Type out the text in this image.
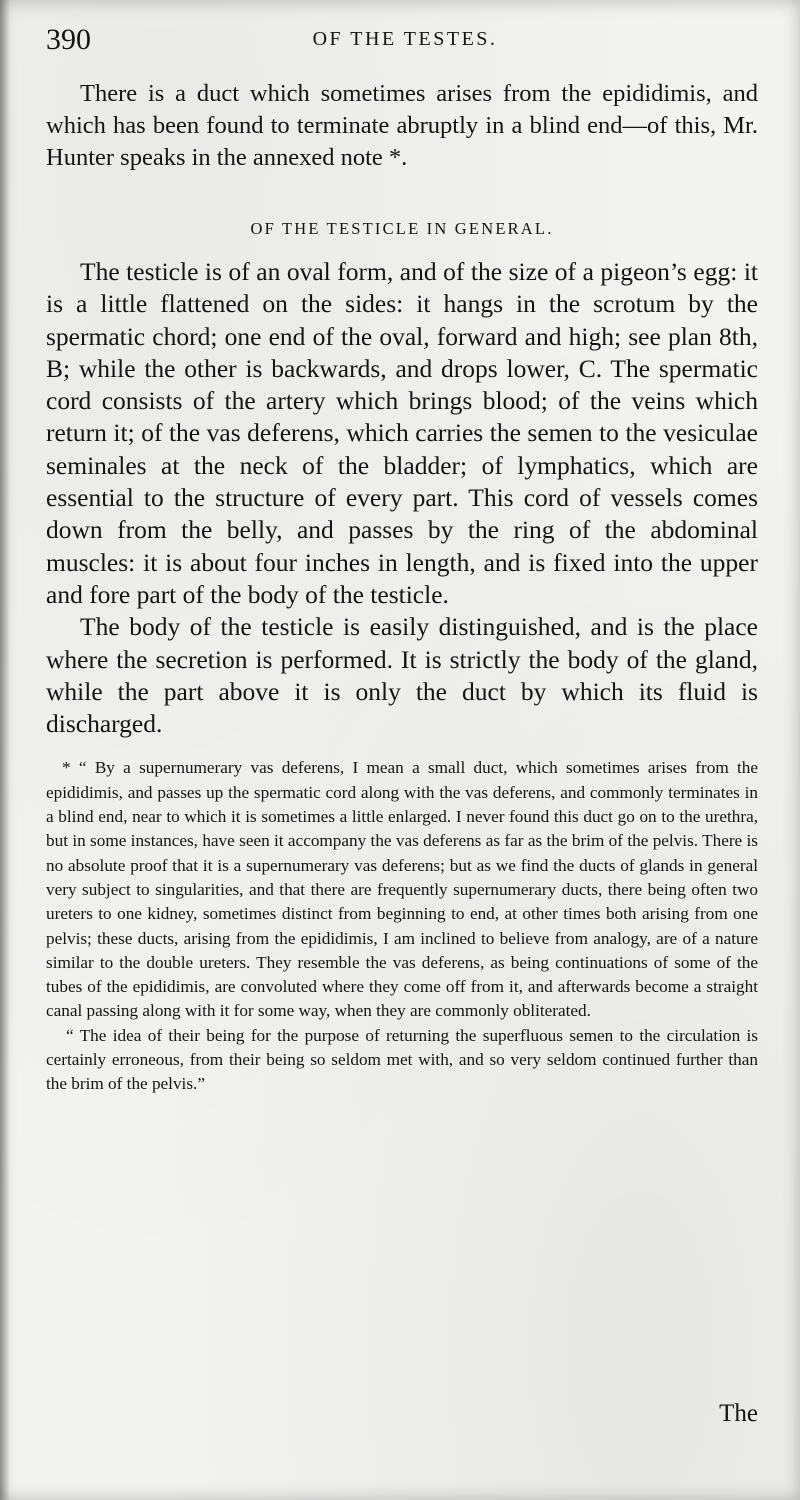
390	OF THE TESTES.

There is a duct which sometimes arises from the epididimis, and which has been found to terminate abruptly in a blind end—of this, Mr. Hunter speaks in the annexed note *.

OF THE TESTICLE IN GENERAL.

The testicle is of an oval form, and of the size of a pigeon’s egg: it is a little flattened on the sides: it hangs in the scrotum by the spermatic chord; one end of the oval, forward and high; see plan 8th, B; while the other is backwards, and drops lower, C. The spermatic cord consists of the artery which brings blood; of the veins which return it; of the vas deferens, which carries the semen to the vesiculae seminales at the neck of the bladder; of lymphatics, which are essential to the structure of every part. This cord of vessels comes down from the belly, and passes by the ring of the abdominal muscles: it is about four inches in length, and is fixed into the upper and fore part of the body of the testicle.

The body of the testicle is easily distinguished, and is the place where the secretion is performed. It is strictly the body of the gland, while the part above it is only the duct by which its fluid is discharged.

* “ By a supernumerary vas deferens, I mean a small duct, which sometimes arises from the epididimis, and passes up the spermatic cord along with the vas deferens, and commonly terminates in a blind end, near to which it is sometimes a little enlarged. I never found this duct go on to the urethra, but in some instances, have seen it accompany the vas deferens as far as the brim of the pelvis. There is no absolute proof that it is a supernumerary vas deferens; but as we find the ducts of glands in general very subject to singularities, and that there are frequently supernumerary ducts, there being often two ureters to one kidney, sometimes distinct from beginning to end, at other times both arising from one pelvis; these ducts, arising from the epididimis, I am inclined to believe from analogy, are of a nature similar to the double ureters. They resemble the vas deferens, as being continuations of some of the tubes of the epididimis, are convoluted where they come off from it, and afterwards become a straight canal passing along with it for some way, when they are commonly obliterated.

“ The idea of their being for the purpose of returning the superfluous semen to the circulation is certainly erroneous, from their being so seldom met with, and so very seldom continued further than the brim of the pelvis.”

The
